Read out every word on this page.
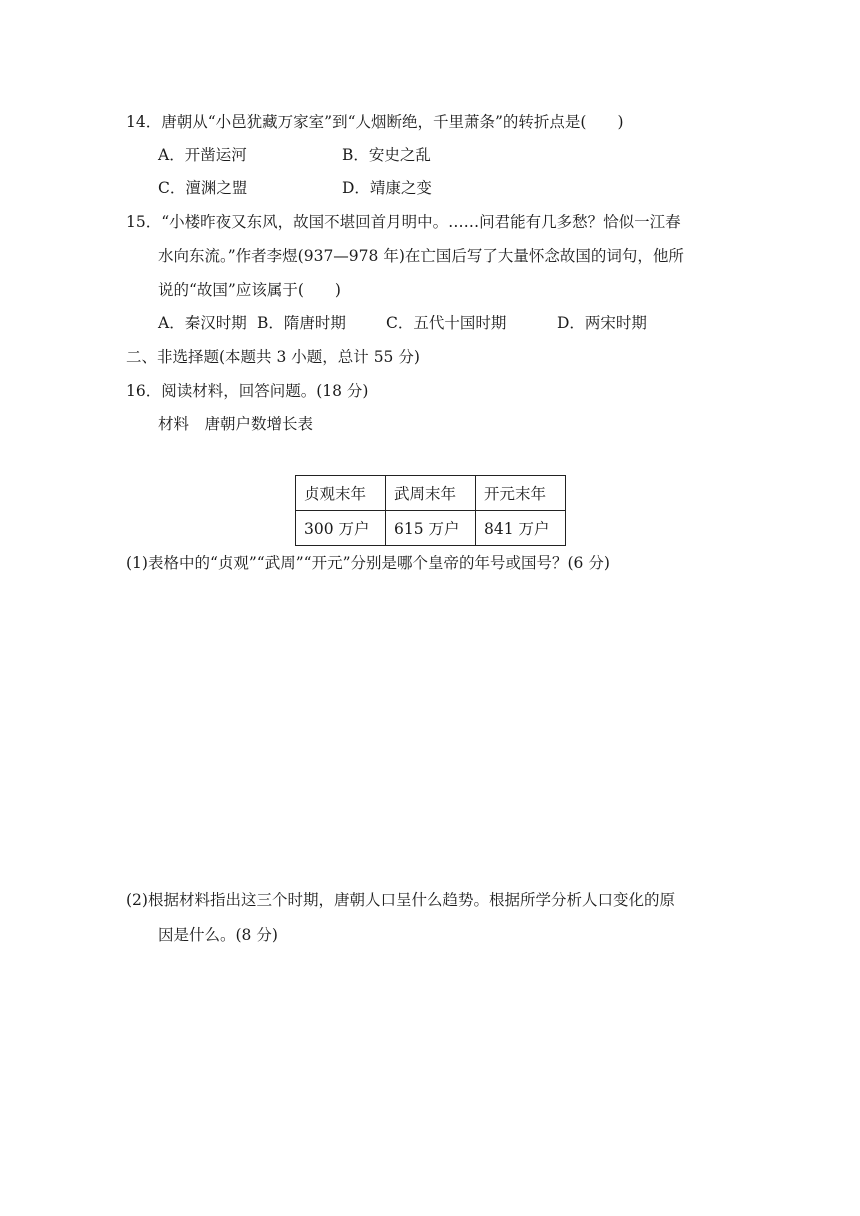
14．唐朝从“小邑犹藏万家室”到“人烟断绝，千里萧条”的转折点是(　　)
A．开凿运河	B．安史之乱
C．澶渊之盟	D．靖康之变
15．“小楼昨夜又东风，故国不堪回首月明中。……问君能有几多愁？恰似一江春
水向东流。”作者李煜(937—978 年)在亡国后写了大量怀念故国的词句，他所
说的“故国”应该属于(　　)
A．秦汉时期 B．隋唐时期	C．五代十国时期	D．两宋时期
二、非选择题(本题共 3 小题，总计 55 分)
16．阅读材料，回答问题。(18 分)
材料　唐朝户数增长表
贞观末年	武周末年	开元末年
300 万户	615 万户	841 万户
(1)表格中的“贞观”“武周”“开元”分别是哪个皇帝的年号或国号？(6 分)
(2)根据材料指出这三个时期，唐朝人口呈什么趋势。根据所学分析人口变化的原
因是什么。(8 分)
